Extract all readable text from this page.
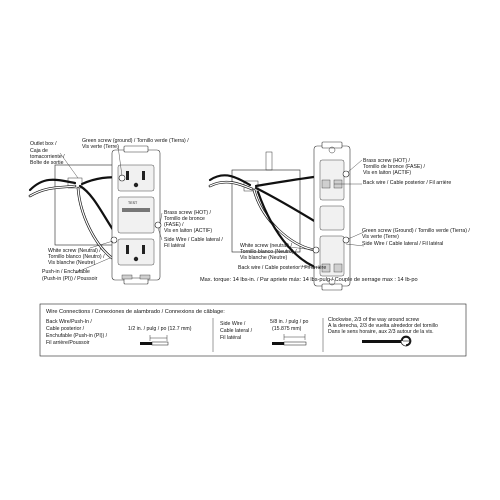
TEST
Outlet box /
Caja de
tomacorriente /
Boîte de sortie
Green screw (ground) / Tornillo verde (Tierra) /
Vis verte (Terre)
Brass screw (HOT) /
Tornillo de bronce
(FASE) /
Vis en laiton (ACTIF)
Side Wire / Cable lateral /
Fil latéral
White screw (Neutral) /
Tornillo blanco (Neutro) /
Vis blanche (Neutre)
Push-in / Enchufable
(Push-in (PI)) / Poussoir
Brass screw (HOT) /
Tornillo de bronce (FASE) /
Vis en laiton (ACTIF)
Back wire / Cable posterior / Fil arrière
Green screw (Ground) / Tornillo verde (Tierra) /
Vis verte (Terre)
Side Wire / Cable lateral / Fil latéral
White screw (neutral) /
Tornillo blanco (Neutro) /
Vis blanche (Neutre)
Back wire / Cable posterior / Fil arrière
Max. torque: 14 lbs-in. / Par apriete máx: 14 lbs-pulg / Couple de serrage max : 14 lb-po
Wire Connections / Conexiones de alambrado / Connexions de câblage:
Back Wire/Push-In /
Cable posterior /
Enchufable (Push-in (PI)) /
Fil arrière/Poussoir
1/2 in. / pulg / po (12.7 mm)
Side Wire /
Cable lateral /
Fil latéral
5/8 in. / pulg / po
(15.875 mm)
Clockwise, 2/3 of the way around screw
A la derecha, 2/3 de vuelta alrededor del tornillo
Dans le sens horaire, aux 2/3 autour de la vis.
